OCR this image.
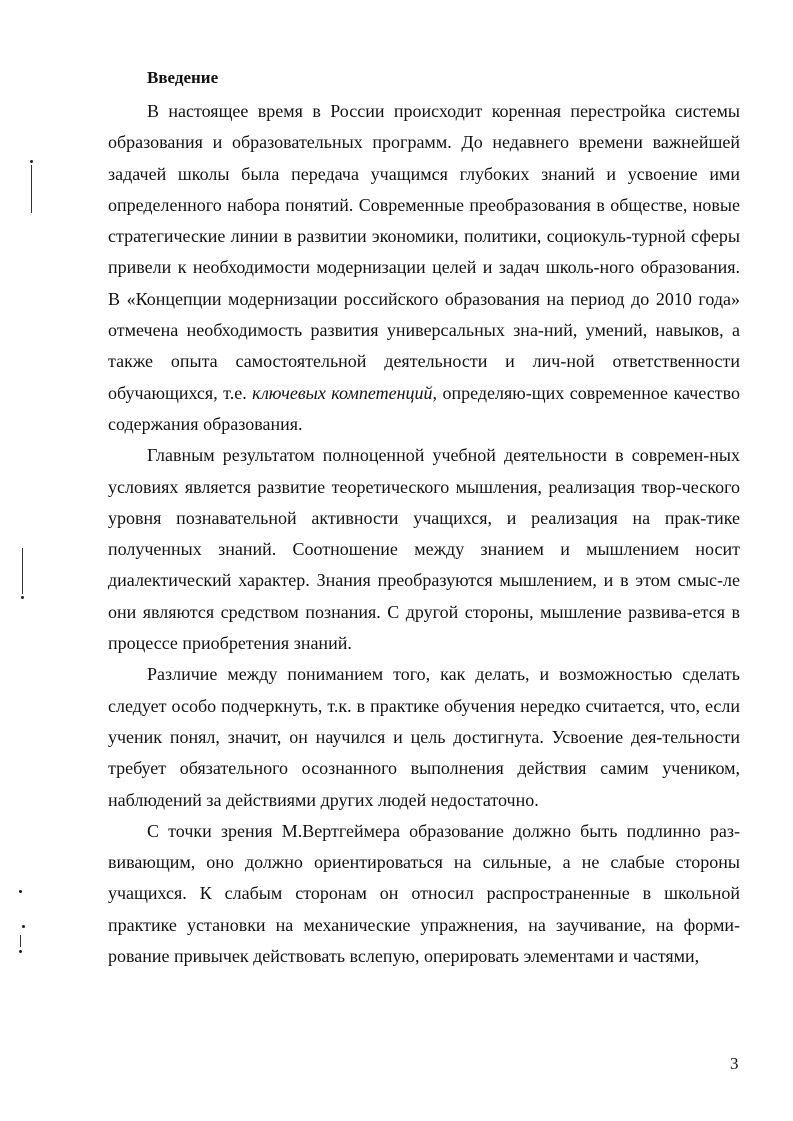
Введение

В настоящее время в России происходит коренная перестройка системы образования и образовательных программ. До недавнего времени важнейшей задачей школы была передача учащимся глубоких знаний и усвоение ими определенного набора понятий. Современные преобразования в обществе, новые стратегические линии в развитии экономики, политики, социокуль-турной сферы привели к необходимости модернизации целей и задач школь-ного образования. В «Концепции модернизации российского образования на период до 2010 года» отмечена необходимость развития универсальных зна-ний, умений, навыков, а также опыта самостоятельной деятельности и лич-ной ответственности обучающихся, т.е. ключевых компетенций, определяю-щих современное качество содержания образования.

Главным результатом полноценной учебной деятельности в современ-ных условиях является развитие теоретического мышления, реализация твор-ческого уровня познавательной активности учащихся, и реализация на прак-тике полученных знаний. Соотношение между знанием и мышлением носит диалектический характер. Знания преобразуются мышлением, и в этом смыс-ле они являются средством познания. С другой стороны, мышление развива-ется в процессе приобретения знаний.

Различие между пониманием того, как делать, и возможностью сделать следует особо подчеркнуть, т.к. в практике обучения нередко считается, что, если ученик понял, значит, он научился и цель достигнута. Усвоение дея-тельности требует обязательного осознанного выполнения действия самим учеником, наблюдений за действиями других людей недостаточно.

С точки зрения М.Вертгеймера образование должно быть подлинно раз-вивающим, оно должно ориентироваться на сильные, а не слабые стороны учащихся. К слабым сторонам он относил распространенные в школьной практике установки на механические упражнения, на заучивание, на форми-рование привычек действовать вслепую, оперировать элементами и частями,

3
